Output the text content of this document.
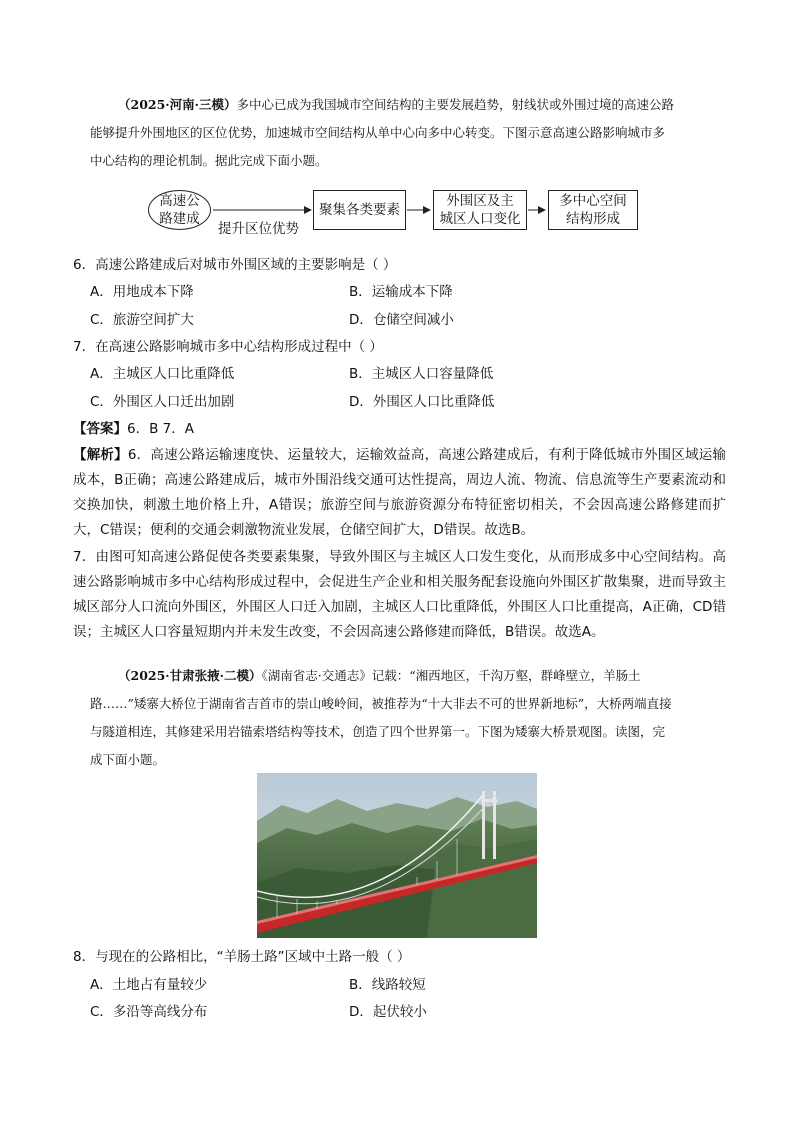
（2025·河南·三模）多中心已成为我国城市空间结构的主要发展趋势，射线状或外围过境的高速公路
能够提升外围地区的区位优势，加速城市空间结构从单中心向多中心转变。下图示意高速公路影响城市多
中心结构的理论机制。据此完成下面小题。
高速公
路建成
提升区位优势
聚集各类要素
外围区及主
城区人口变化
多中心空间
结构形成
6．高速公路建成后对城市外围区域的主要影响是（ ）
A．用地成本下降	B．运输成本下降
C．旅游空间扩大	D．仓储空间减小
7．在高速公路影响城市多中心结构形成过程中（ ）
A．主城区人口比重降低	B．主城区人口容量降低
C．外围区人口迁出加剧	D．外围区人口比重降低
【答案】6．B 7．A

【解析】6．高速公路运输速度快、运量较大，运输效益高，高速公路建成后，有利于降低城市外围区域运输成本，B正确；高速公路建成后，城市外围沿线交通可达性提高，周边人流、物流、信息流等生产要素流动和交换加快，刺激土地价格上升，A错误；旅游空间与旅游资源分布特征密切相关，不会因高速公路修建而扩大，C错误；便利的交通会刺激物流业发展，仓储空间扩大，D错误。故选B。

7．由图可知高速公路促使各类要素集聚，导致外围区与主城区人口发生变化，从而形成多中心空间结构。高速公路影响城市多中心结构形成过程中，会促进生产企业和相关服务配套设施向外围区扩散集聚，进而导致主城区部分人口流向外围区，外围区人口迁入加剧，主城区人口比重降低，外围区人口比重提高，A正确，CD错误；主城区人口容量短期内并未发生改变，不会因高速公路修建而降低，B错误。故选A。

（2025·甘肃张掖·二模）《湖南省志·交通志》记载：“湘西地区，千沟万壑，群峰壁立，羊肠土
路……”矮寨大桥位于湖南省吉首市的崇山峻岭间，被推荐为“十大非去不可的世界新地标”，大桥两端直接
与隧道相连，其修建采用岩锚索塔结构等技术，创造了四个世界第一。下图为矮寨大桥景观图。读图，完
成下面小题。
8．与现在的公路相比，“羊肠土路”区域中土路一般（ ）
A．土地占有量较少	B．线路较短
C．多沿等高线分布	D．起伏较小
